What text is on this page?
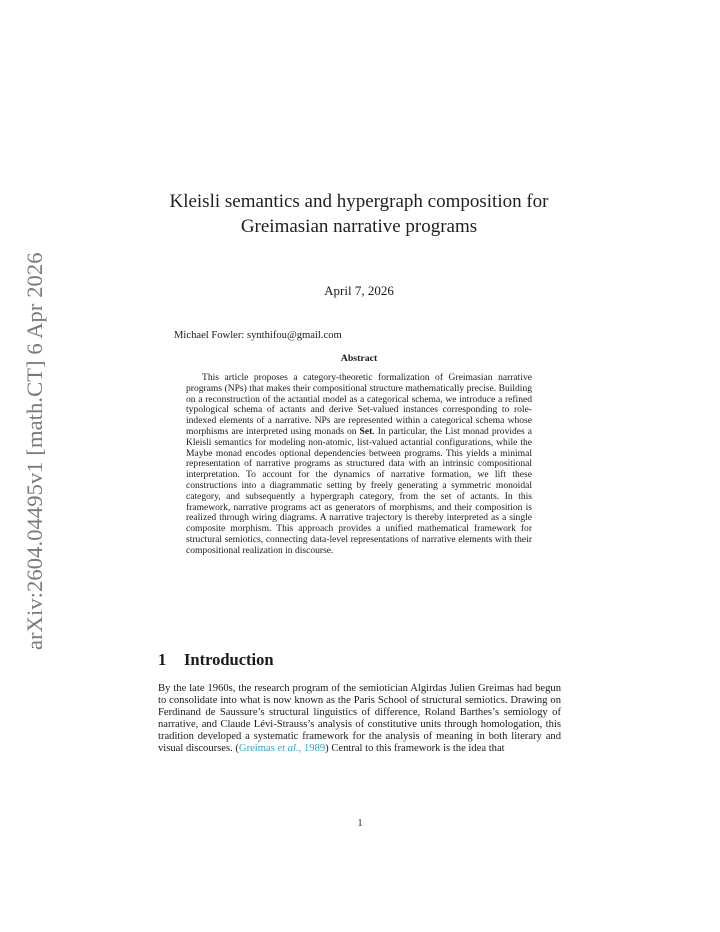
arXiv:2604.04495v1 [math.CT] 6 Apr 2026
Kleisli semantics and hypergraph composition for
Greimasian narrative programs
April 7, 2026
Michael Fowler: synthifou@gmail.com
Abstract

This article proposes a category-theoretic formalization of Greimasian narrative programs (NPs) that makes their compositional structure mathematically precise. Building on a reconstruction of the actantial model as a categorical schema, we introduce a refined typological schema of actants and derive Set-valued instances corresponding to role-indexed elements of a narrative. NPs are represented within a categorical schema whose morphisms are interpreted using monads on Set. In particular, the List monad provides a Kleisli semantics for modeling non-atomic, list-valued actantial configurations, while the Maybe monad encodes optional dependencies between programs. This yields a minimal representation of narrative programs as structured data with an intrinsic compositional interpretation. To account for the dynamics of narrative formation, we lift these constructions into a diagrammatic setting by freely generating a symmetric monoidal category, and subsequently a hypergraph category, from the set of actants. In this framework, narrative programs act as generators of morphisms, and their composition is realized through wiring diagrams. A narrative trajectory is thereby interpreted as a single composite morphism. This approach provides a unified mathematical framework for structural semiotics, connecting data-level representations of narrative elements with their compositional realization in discourse.

1 Introduction

By the late 1960s, the research program of the semiotician Algirdas Julien Greimas had begun to consolidate into what is now known as the Paris School of structural semiotics. Drawing on Ferdinand de Saussure’s structural linguistics of difference, Roland Barthes’s semiology of narrative, and Claude Lévi-Strauss’s analysis of constitutive units through homologation, this tradition developed a systematic framework for the analysis of meaning in both literary and visual discourses. (Greimas et al., 1989) Central to this framework is the idea that

1
